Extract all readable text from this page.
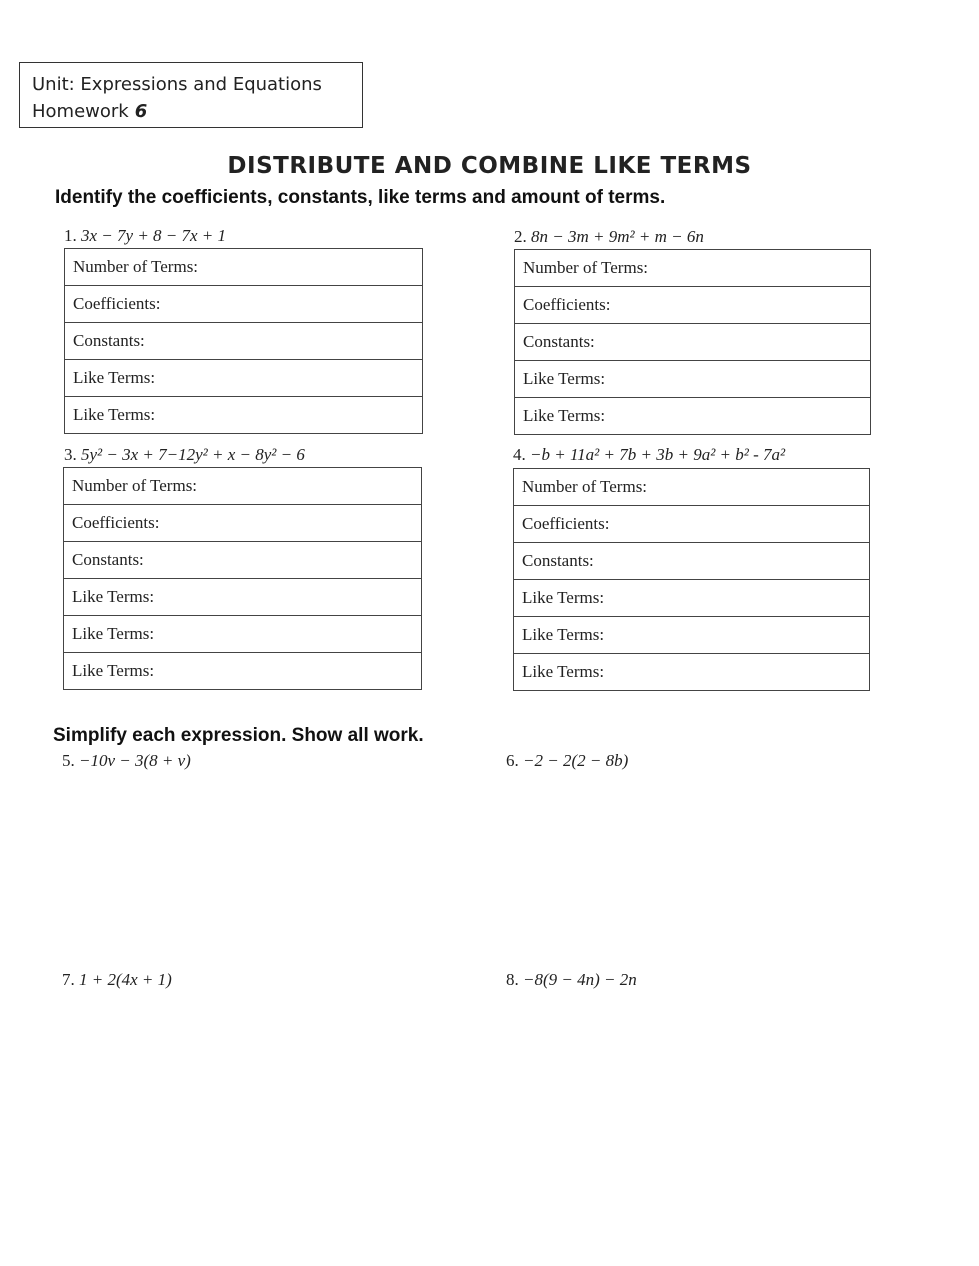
Unit: Expressions and Equations
Homework 6
DISTRIBUTE AND COMBINE LIKE TERMS
Identify the coefficients, constants, like terms and amount of terms.
1. 3x − 7y + 8 − 7x + 1
Number of Terms:
Coefficients:
Constants:
Like Terms:
Like Terms:
2. 8n − 3m + 9m² + m − 6n
Number of Terms:
Coefficients:
Constants:
Like Terms:
Like Terms:
3. 5y² − 3x + 7−12y² + x − 8y² − 6
Number of Terms:
Coefficients:
Constants:
Like Terms:
Like Terms:
Like Terms:
4. −b + 11a² + 7b + 3b + 9a² + b² - 7a²
Number of Terms:
Coefficients:
Constants:
Like Terms:
Like Terms:
Like Terms:
Simplify each expression. Show all work.
5. −10v − 3(8 + v)	6. −2 − 2(2 − 8b)
7. 1 + 2(4x + 1)	8. −8(9 − 4n) − 2n
